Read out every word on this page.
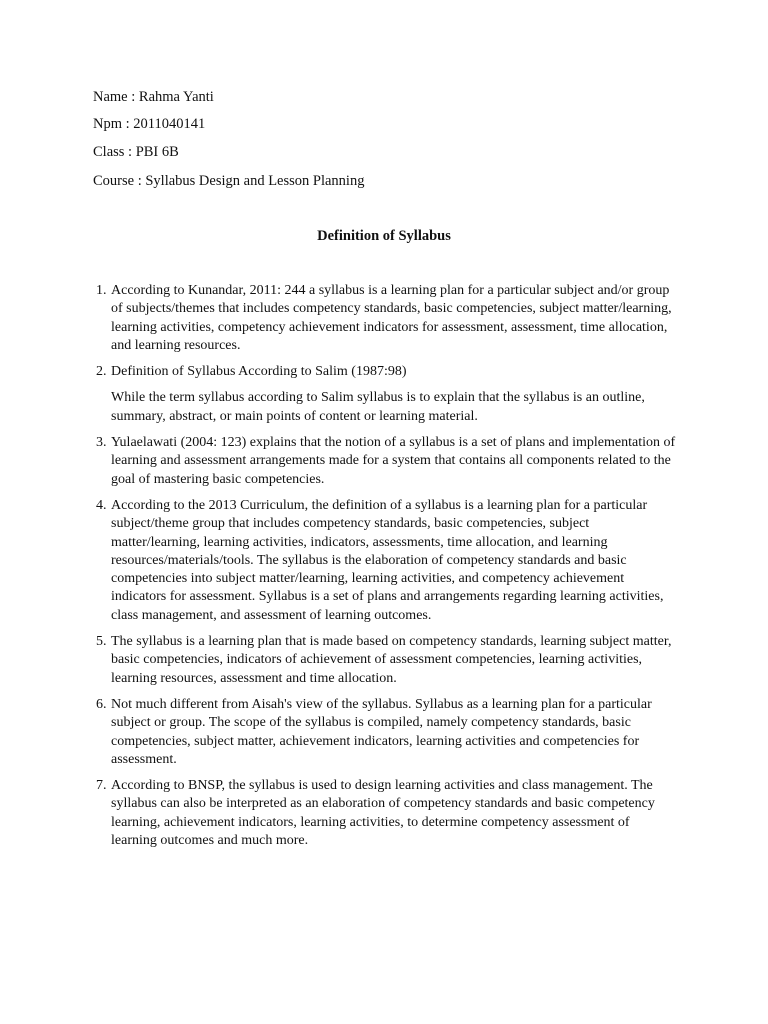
Name : Rahma Yanti
Npm : 2011040141
Class : PBI 6B
Course : Syllabus Design and Lesson Planning
Definition of Syllabus
1. According to Kunandar, 2011: 244 a syllabus is a learning plan for a particular subject and/or group of subjects/themes that includes competency standards, basic competencies, subject matter/learning, learning activities, competency achievement indicators for assessment, assessment, time allocation, and learning resources.

2. Definition of Syllabus According to Salim (1987:98)

While the term syllabus according to Salim syllabus is to explain that the syllabus is an outline, summary, abstract, or main points of content or learning material.

3. Yulaelawati (2004: 123) explains that the notion of a syllabus is a set of plans and implementation of learning and assessment arrangements made for a system that contains all components related to the goal of mastering basic competencies.

4. According to the 2013 Curriculum, the definition of a syllabus is a learning plan for a particular subject/theme group that includes competency standards, basic competencies, subject matter/learning, learning activities, indicators, assessments, time allocation, and learning resources/materials/tools. The syllabus is the elaboration of competency standards and basic competencies into subject matter/learning, learning activities, and competency achievement indicators for assessment. Syllabus is a set of plans and arrangements regarding learning activities, class management, and assessment of learning outcomes.

5. The syllabus is a learning plan that is made based on competency standards, learning subject matter, basic competencies, indicators of achievement of assessment competencies, learning activities, learning resources, assessment and time allocation.

6. Not much different from Aisah's view of the syllabus. Syllabus as a learning plan for a particular subject or group. The scope of the syllabus is compiled, namely competency standards, basic competencies, subject matter, achievement indicators, learning activities and competencies for assessment.

7. According to BNSP, the syllabus is used to design learning activities and class management. The syllabus can also be interpreted as an elaboration of competency standards and basic competency learning, achievement indicators, learning activities, to determine competency assessment of learning outcomes and much more.
